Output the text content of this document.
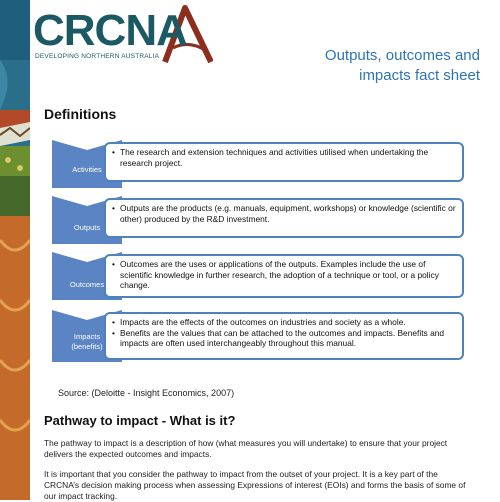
CRCNA
DEVELOPING NORTHERN AUSTRALIA	Outputs, outcomes and
impacts fact sheet
Definitions
Activities

• The research and extension techniques and activities utilised when undertaking the research project.

Outputs

• Outputs are the products (e.g. manuals, equipment, workshops) or knowledge (scientific or other) produced by the R&D investment.

Outcomes

• Outcomes are the uses or applications of the outputs. Examples include the use of scientific knowledge in further research, the adoption of a technique or tool, or a policy change.

Impacts
(benefits)

• Impacts are the effects of the outcomes on industries and society as a whole.

• Benefits are the values that can be attached to the outcomes and impacts. Benefits and impacts are often used interchangeably throughout this manual.

Source: (Deloitte - Insight Economics, 2007)
Pathway to impact - What is it?

The pathway to impact is a description of how (what measures you will undertake) to ensure that your project delivers the expected outcomes and impacts.

It is important that you consider the pathway to impact from the outset of your project. It is a key part of the CRCNA’s decision making process when assessing Expressions of interest (EOIs) and forms the basis of some of our impact tracking.
